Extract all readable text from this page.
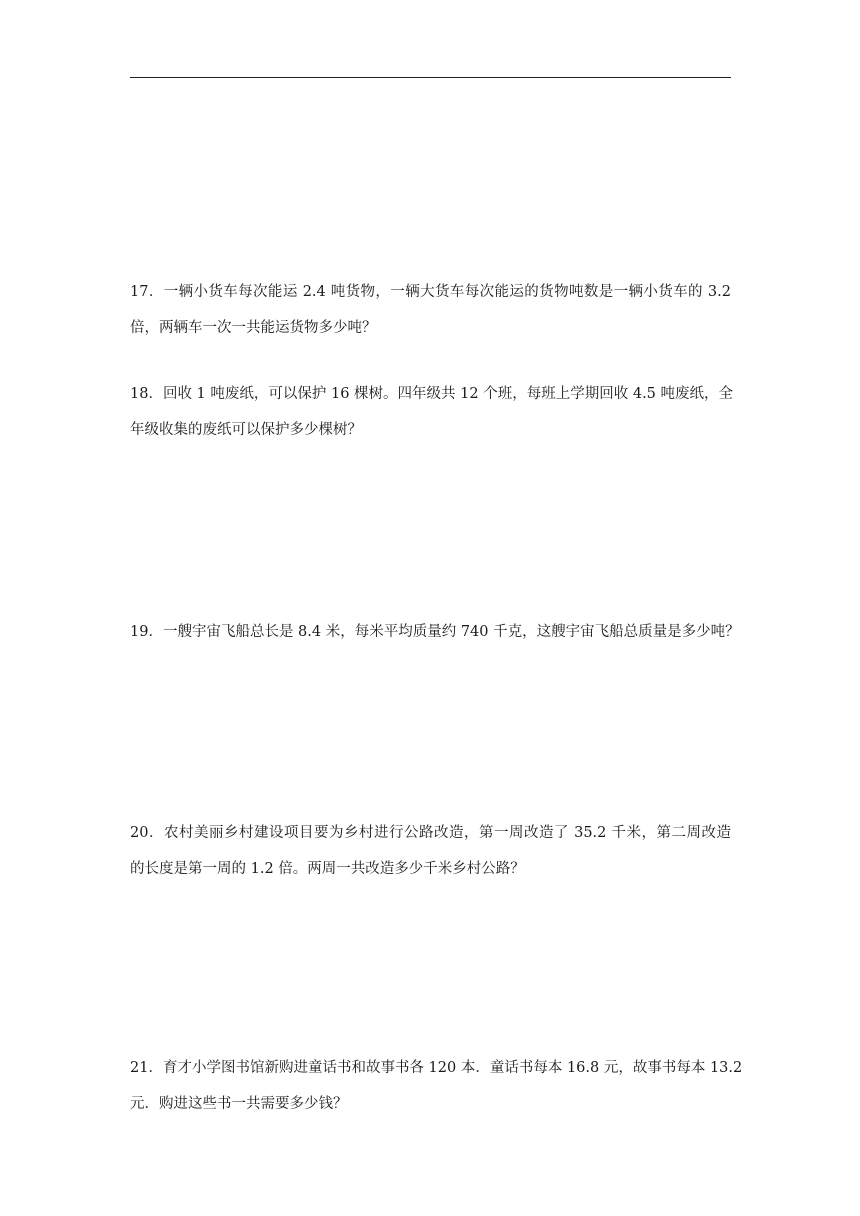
17．一辆小货车每次能运 2.4 吨货物，一辆大货车每次能运的货物吨数是一辆小货车的 3.2
倍，两辆车一次一共能运货物多少吨？
18．回收 1 吨废纸，可以保护 16 棵树。四年级共 12 个班，每班上学期回收 4.5 吨废纸，全
年级收集的废纸可以保护多少棵树？
19．一艘宇宙飞船总长是 8.4 米，每米平均质量约 740 千克，这艘宇宙飞船总质量是多少吨？
20．农村美丽乡村建设项目要为乡村进行公路改造，第一周改造了 35.2 千米，第二周改造
的长度是第一周的 1.2 倍。两周一共改造多少千米乡村公路？
21．育才小学图书馆新购进童话书和故事书各 120 本．童话书每本 16.8 元，故事书每本 13.2
元．购进这些书一共需要多少钱？
